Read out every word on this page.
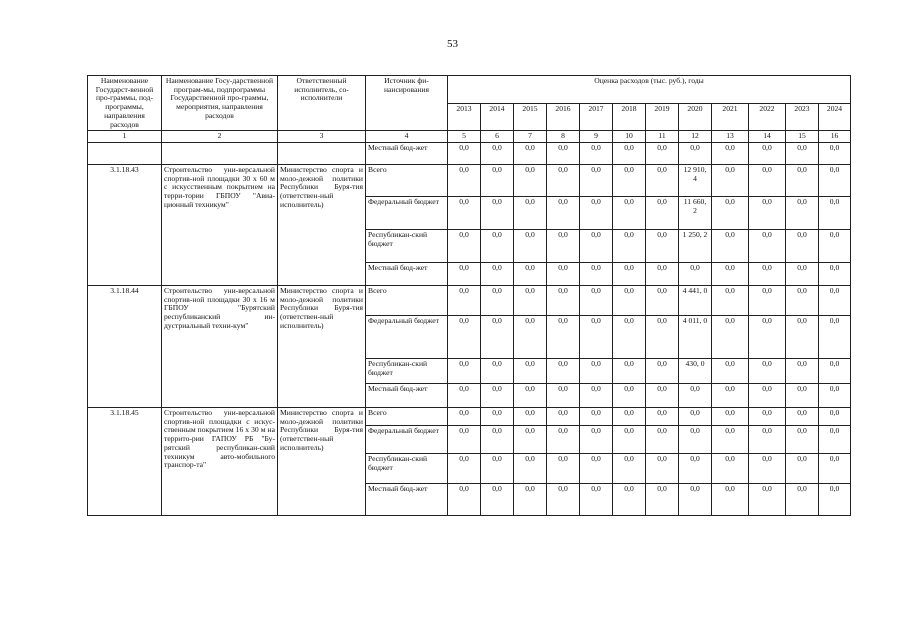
53
Наименование Государст-венной про-граммы, под-программы, направления расходов	Наименование Госу-дарственной програм-мы, подпрограммы Государственной про-граммы, мероприятия, направления расходов	Ответственный исполнитель, со-исполнители	Источник фи-нансирования	Оценка расходов (тыс. руб.), годы											
				2013	2014	2015	2016	2017	2018	2019	2020	2021	2022	2023	2024
1	2	3	4	5	6	7	8	9	10	11	12	13	14	15	16
			Местный бюд-жет	0,0	0,0	0,0	0,0	0,0	0,0	0,0	0,0	0,0	0,0	0,0	0,0
3.1.18.43	Строительство уни-версальной спортив-ной площадки 30 х 60 м с искусственным покрытием на терри-тории ГБПОУ "Авиа-ционный техникум"	Министерство спорта и моло-дежной политики Республики Буря-тия (ответствен-ный исполнитель)	Всего	0,0	0,0	0,0	0,0	0,0	0,0	0,0	12 910, 4	0,0	0,0	0,0	0,0
			Федеральный бюджет	0,0	0,0	0,0	0,0	0,0	0,0	0,0	11 660, 2	0,0	0,0	0,0	0,0
			Республикан-ский бюджет	0,0	0,0	0,0	0,0	0,0	0,0	0,0	1 250, 2	0,0	0,0	0,0	0,0
			Местный бюд-жет	0,0	0,0	0,0	0,0	0,0	0,0	0,0	0,0	0,0	0,0	0,0	0,0
3.1.18.44	Строительство уни-версальной спортив-ной площадки 30 х 16 м ГБПОУ "Бурятский республиканский ин-дустриальный техни-кум"	Министерство спорта и моло-дежной политики Республики Буря-тия (ответствен-ный исполнитель)	Всего	0,0	0,0	0,0	0,0	0,0	0,0	0,0	4 441, 0	0,0	0,0	0,0	0,0
			Федеральный бюджет	0,0	0,0	0,0	0,0	0,0	0,0	0,0	4 011, 0	0,0	0,0	0,0	0,0
			Республикан-ский бюджет	0,0	0,0	0,0	0,0	0,0	0,0	0,0	430, 0	0,0	0,0	0,0	0,0
			Местный бюд-жет	0,0	0,0	0,0	0,0	0,0	0,0	0,0	0,0	0,0	0,0	0,0	0,0
3.1.18.45	Строительство уни-версальной спортив-ной площадки с искус-ственным покрытием 16 х 30 м на террито-рии ГАПОУ РБ "Бу-рятский республикан-ский техникум авто-мобильного транспор-та"	Министерство спорта и моло-дежной политики Республики Буря-тия (ответствен-ный исполнитель)	Всего	0,0	0,0	0,0	0,0	0,0	0,0	0,0	0,0	0,0	0,0	0,0	0,0
			Федеральный бюджет	0,0	0,0	0,0	0,0	0,0	0,0	0,0	0,0	0,0	0,0	0,0	0,0
			Республикан-ский бюджет	0,0	0,0	0,0	0,0	0,0	0,0	0,0	0,0	0,0	0,0	0,0	0,0
			Местный бюд-жет	0,0	0,0	0,0	0,0	0,0	0,0	0,0	0,0	0,0	0,0	0,0	0,0
